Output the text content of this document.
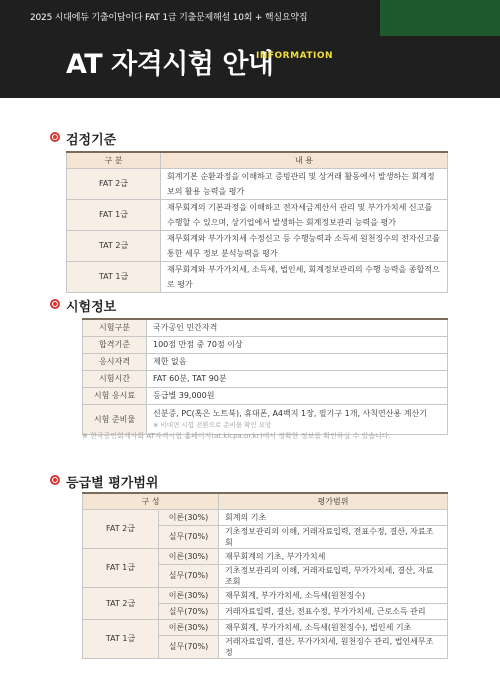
2025 시대에듀 기출이답이다 FAT 1급 기출문제해설 10회 + 핵심요약집
AT 자격시험 안내
INFORMATION
검정기준
구 분	내 용
FAT 2급	회계기본 순환과정을 이해하고 증빙관리 및 상거래 활동에서 발생하는 회계정보의 활용 능력을 평가
FAT 1급	재무회계의 기본과정을 이해하고 전자세금계산서 관리 및 부가가치세 신고를 수행할 수 있으며, 상기업에서 발생하는 회계정보관리 능력을 평가
TAT 2급	재무회계와 부가가치세 수정신고 등 수행능력과 소득세 원천징수의 전자신고를 통한 세무 정보 분석능력을 평가
TAT 1급	재무회계와 부가가치세, 소득세, 법인세, 회계정보관리의 수행 능력을 종합적으로 평가
시험정보
시험구분	국가공인 민간자격
합격기준	100점 만점 중 70점 이상
응시자격	제한 없음
시험시간	FAT 60분, TAT 90분
시험 응시료	등급별 39,000원
시험 준비물	신분증, PC(혹은 노트북), 휴대폰, A4백지 1장, 필기구 1개, 사칙연산용 계산기
※ 비대면 시험 전환으로 준비물 확인 요망
※ 한국공인회계사회 AT자격시험 홈페이지(at.kicpa.or.kr)에서 정확한 정보를 확인하실 수 있습니다.
등급별 평가범위
구 성		평가범위
FAT 2급	이론(30%)	회계의 기초
	실무(70%)	기초정보관리의 이해, 거래자료입력, 전표수정, 결산, 자료조회
FAT 1급	이론(30%)	재무회계의 기초, 부가가치세
	실무(70%)	기초정보관리의 이해, 거래자료입력, 부가가치세, 결산, 자료조회
TAT 2급	이론(30%)	재무회계, 부가가치세, 소득세(원천징수)
	실무(70%)	거래자료입력, 결산, 전표수정, 부가가치세, 근로소득 관리
TAT 1급	이론(30%)	재무회계, 부가가치세, 소득세(원천징수), 법인세 기초
	실무(70%)	거래자료입력, 결산, 부가가치세, 원천징수 관리, 법인세무조정
